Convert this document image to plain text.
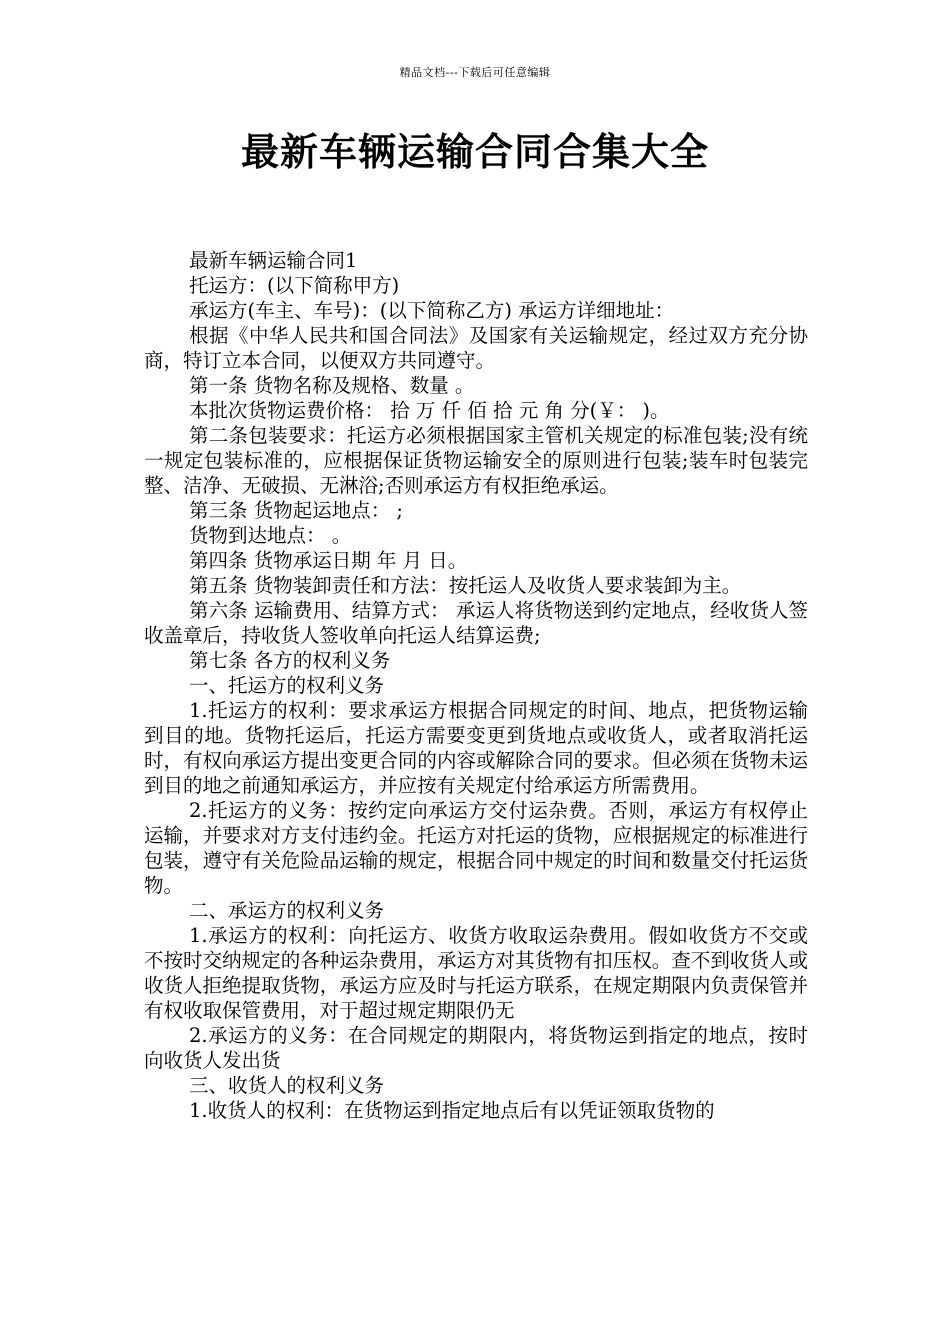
精品文档---下载后可任意编辑
最新车辆运输合同合集大全

最新车辆运输合同1

托运方：(以下简称甲方)

承运方(车主、车号)：(以下简称乙方) 承运方详细地址：

根据《中华人民共和国合同法》及国家有关运输规定，经过双方充分协商，特订立本合同，以便双方共同遵守。

第一条 货物名称及规格、数量 。

本批次货物运费价格： 拾 万 仟 佰 拾 元 角 分(￥： )。

第二条包装要求：托运方必须根据国家主管机关规定的标准包装;没有统一规定包装标准的，应根据保证货物运输安全的原则进行包装;装车时包装完整、洁净、无破损、无淋浴;否则承运方有权拒绝承运。

第三条 货物起运地点： ;

货物到达地点： 。

第四条 货物承运日期 年 月 日。

第五条 货物装卸责任和方法：按托运人及收货人要求装卸为主。

第六条 运输费用、结算方式： 承运人将货物送到约定地点，经收货人签收盖章后，持收货人签收单向托运人结算运费;

第七条 各方的权利义务

一、托运方的权利义务

1.托运方的权利：要求承运方根据合同规定的时间、地点，把货物运输到目的地。货物托运后，托运方需要变更到货地点或收货人，或者取消托运时，有权向承运方提出变更合同的内容或解除合同的要求。但必须在货物未运到目的地之前通知承运方，并应按有关规定付给承运方所需费用。

2.托运方的义务：按约定向承运方交付运杂费。否则，承运方有权停止运输，并要求对方支付违约金。托运方对托运的货物，应根据规定的标准进行包装，遵守有关危险品运输的规定，根据合同中规定的时间和数量交付托运货物。

二、承运方的权利义务

1.承运方的权利：向托运方、收货方收取运杂费用。假如收货方不交或不按时交纳规定的各种运杂费用，承运方对其货物有扣压权。查不到收货人或收货人拒绝提取货物，承运方应及时与托运方联系，在规定期限内负责保管并有权收取保管费用，对于超过规定期限仍无

2.承运方的义务：在合同规定的期限内，将货物运到指定的地点，按时向收货人发出货

三、收货人的权利义务

1.收货人的权利：在货物运到指定地点后有以凭证领取货物的
